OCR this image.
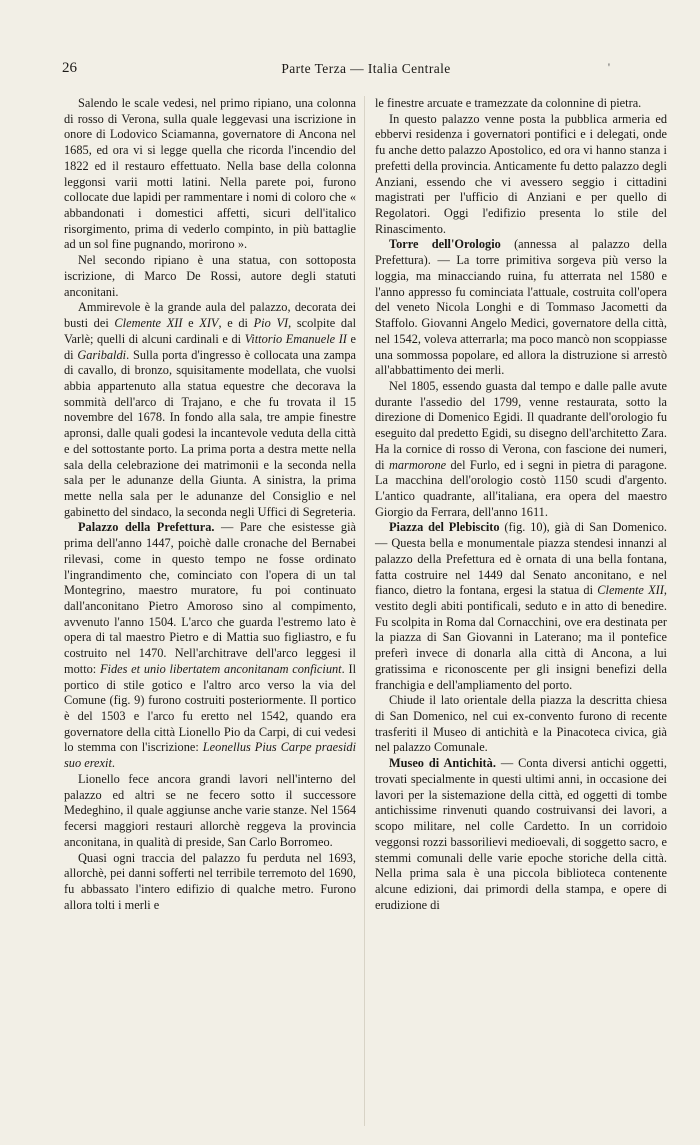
26	Parte Terza — Italia Centrale	'

Salendo le scale vedesi, nel primo ripiano, una colonna di rosso di Verona, sulla quale leggevasi una iscrizione in onore di Lodovico Sciamanna, governatore di Ancona nel 1685, ed ora vi si legge quella che ricorda l'incendio del 1822 ed il restauro effettuato. Nella base della colonna leggonsi varii motti latini. Nella parete poi, furono collocate due lapidi per rammentare i nomi di coloro che « abbandonati i domestici affetti, sicuri dell'italico risorgimento, prima di vederlo compinto, in più battaglie ad un sol fine pugnando, morirono ».

Nel secondo ripiano è una statua, con sottoposta iscrizione, di Marco De Rossi, autore degli statuti anconitani.

Ammirevole è la grande aula del palazzo, decorata dei busti dei Clemente XII e XIV, e di Pio VI, scolpite dal Varlè; quelli di alcuni cardinali e di Vittorio Emanuele II e di Garibaldi. Sulla porta d'ingresso è collocata una zampa di cavallo, di bronzo, squisitamente modellata, che vuolsi abbia appartenuto alla statua equestre che decorava la sommità dell'arco di Trajano, e che fu trovata il 15 novembre del 1678. In fondo alla sala, tre ampie finestre apronsi, dalle quali godesi la incantevole veduta della città e del sottostante porto. La prima porta a destra mette nella sala della celebrazione dei matrimonii e la seconda nella sala per le adunanze della Giunta. A sinistra, la prima mette nella sala per le adunanze del Consiglio e nel gabinetto del sindaco, la seconda negli Uffici di Segreteria.

Palazzo della Prefettura. — Pare che esistesse già prima dell'anno 1447, poichè dalle cronache del Bernabei rilevasi, come in questo tempo ne fosse ordinato l'ingrandimento che, cominciato con l'opera di un tal Montegrino, maestro muratore, fu poi continuato dall'anconitano Pietro Amoroso sino al compimento, avvenuto l'anno 1504. L'arco che guarda l'estremo lato è opera di tal maestro Pietro e di Mattia suo figliastro, e fu costruito nel 1470. Nell'architrave dell'arco leggesi il motto: Fides et unio libertatem anconitanam conficiunt. Il portico di stile gotico e l'altro arco verso la via del Comune (fig. 9) furono costruiti posteriormente. Il portico è del 1503 e l'arco fu eretto nel 1542, quando era governatore della città Lionello Pio da Carpi, di cui vedesi lo stemma con l'iscrizione: Leonellus Pius Carpe praesidi suo erexit.

Lionello fece ancora grandi lavori nell'interno del palazzo ed altri se ne fecero sotto il successore Medeghino, il quale aggiunse anche varie stanze. Nel 1564 fecersi maggiori restauri allorchè reggeva la provincia anconitana, in qualità di preside, San Carlo Borromeo.

Quasi ogni traccia del palazzo fu perduta nel 1693, allorchè, pei danni sofferti nel terribile terremoto del 1690, fu abbassato l'intero edifizio di qualche metro. Furono allora tolti i merli e

le finestre arcuate e tramezzate da colonnine di pietra.

In questo palazzo venne posta la pubblica armeria ed ebbervi residenza i governatori pontifici e i delegati, onde fu anche detto palazzo Apostolico, ed ora vi hanno stanza i prefetti della provincia. Anticamente fu detto palazzo degli Anziani, essendo che vi avessero seggio i cittadini magistrati per l'ufficio di Anziani e per quello di Regolatori. Oggi l'edifizio presenta lo stile del Rinascimento.

Torre dell'Orologio (annessa al palazzo della Prefettura). — La torre primitiva sorgeva più verso la loggia, ma minacciando ruina, fu atterrata nel 1580 e l'anno appresso fu cominciata l'attuale, costruita coll'opera del veneto Nicola Longhi e di Tommaso Jacometti da Staffolo. Giovanni Angelo Medici, governatore della città, nel 1542, voleva atterrarla; ma poco mancò non scoppiasse una sommossa popolare, ed allora la distruzione si arrestò all'abbattimento dei merli.

Nel 1805, essendo guasta dal tempo e dalle palle avute durante l'assedio del 1799, venne restaurata, sotto la direzione di Domenico Egidi. Il quadrante dell'orologio fu eseguito dal predetto Egidi, su disegno dell'architetto Zara. Ha la cornice di rosso di Verona, con fascione dei numeri, di marmorone del Furlo, ed i segni in pietra di paragone. La macchina dell'orologio costò 1150 scudi d'argento. L'antico quadrante, all'italiana, era opera del maestro Giorgio da Ferrara, dell'anno 1611.

Piazza del Plebiscito (fig. 10), già di San Domenico. — Questa bella e monumentale piazza stendesi innanzi al palazzo della Prefettura ed è ornata di una bella fontana, fatta costruire nel 1449 dal Senato anconitano, e nel fianco, dietro la fontana, ergesi la statua di Clemente XII, vestito degli abiti pontificali, seduto e in atto di benedire. Fu scolpita in Roma dal Cornacchini, ove era destinata per la piazza di San Giovanni in Laterano; ma il pontefice preferì invece di donarla alla città di Ancona, a lui gratissima e riconoscente per gli insigni benefizi della franchigia e dell'ampliamento del porto.

Chiude il lato orientale della piazza la descritta chiesa di San Domenico, nel cui ex-convento furono di recente trasferiti il Museo di antichità e la Pinacoteca civica, già nel palazzo Comunale.

Museo di Antichità. — Conta diversi antichi oggetti, trovati specialmente in questi ultimi anni, in occasione dei lavori per la sistemazione della città, ed oggetti di tombe antichissime rinvenuti quando costruivansi dei lavori, a scopo militare, nel colle Cardetto. In un corridoio veggonsi rozzi bassorilievi medioevali, di soggetto sacro, e stemmi comunali delle varie epoche storiche della città. Nella prima sala è una piccola biblioteca contenente alcune edizioni, dai primordi della stampa, e opere di erudizione di
